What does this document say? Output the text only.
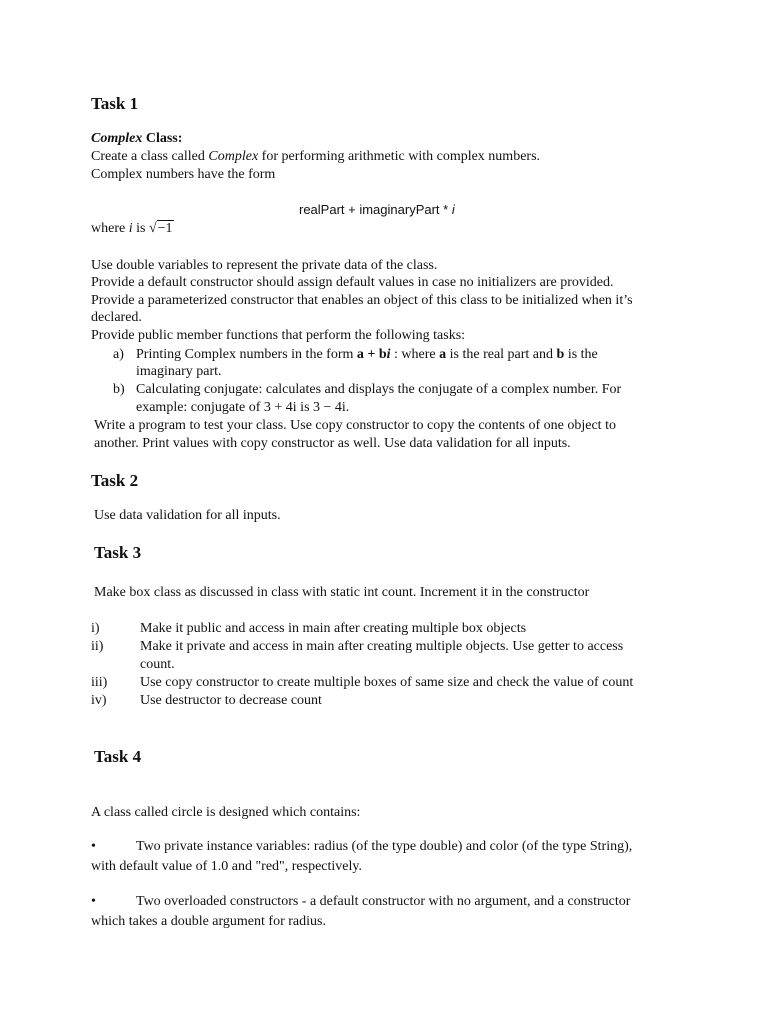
Task 1
Complex Class:
Create a class called Complex for performing arithmetic with complex numbers.
Complex numbers have the form
realPart + imaginaryPart * i
where i is √−1
Use double variables to represent the private data of the class.
Provide a default constructor should assign default values in case no initializers are provided.
Provide a parameterized constructor that enables an object of this class to be initialized when it’s
declared.
Provide public member functions that perform the following tasks:
a) Printing Complex numbers in the form a + bi : where a is the real part and b is the
imaginary part.
b) Calculating conjugate: calculates and displays the conjugate of a complex number. For
example: conjugate of 3 + 4i is 3 − 4i.
Write a program to test your class. Use copy constructor to copy the contents of one object to
another. Print values with copy constructor as well. Use data validation for all inputs.
Task 2
Use data validation for all inputs.
Task 3
Make box class as discussed in class with static int count. Increment it in the constructor
i)	Make it public and access in main after creating multiple box objects
ii)	Make it private and access in main after creating multiple objects. Use getter to access
count.
iii) Use copy constructor to create multiple boxes of same size and check the value of count
iv) Use destructor to decrease count
Task 4
A class called circle is designed which contains:
•	Two private instance variables: radius (of the type double) and color (of the type String),
with default value of 1.0 and "red", respectively.
•	Two overloaded constructors - a default constructor with no argument, and a constructor
which takes a double argument for radius.
